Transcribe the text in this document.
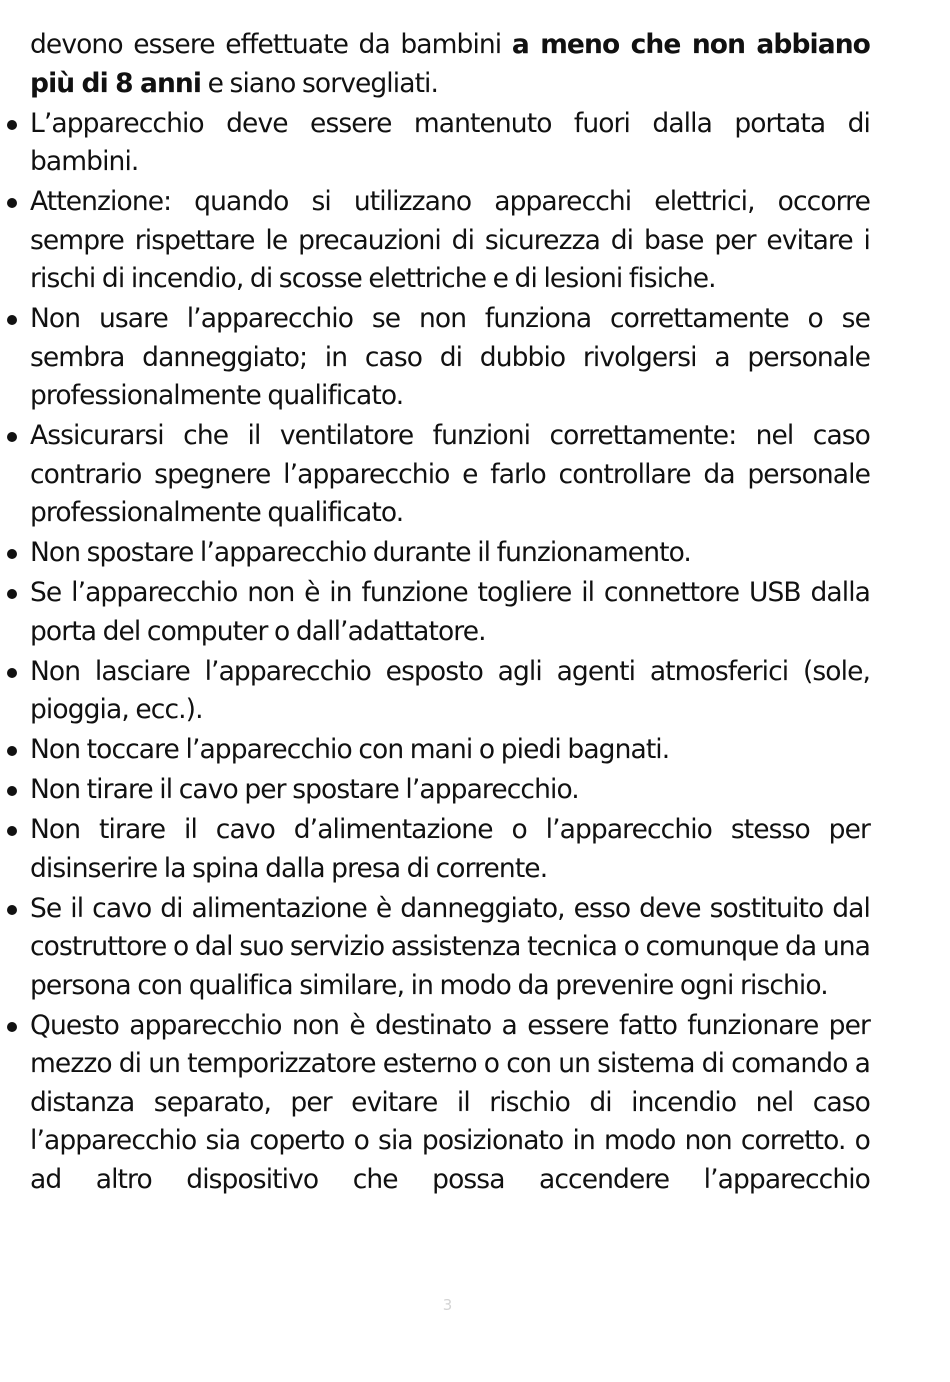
devono essere effettuate da bambini a meno che non abbiano più di 8 anni e siano sorvegliati.

L’apparecchio deve essere mantenuto fuori dalla portata di bambini.
Attenzione: quando si utilizzano apparecchi elettrici, occorre sempre rispettare le precauzioni di sicurezza di base per evitare i rischi di incendio, di scosse elettriche e di lesioni fisiche.
Non usare l’apparecchio se non funziona correttamente o se sembra danneggiato; in caso di dubbio rivolgersi a personale professionalmente qualificato.
Assicurarsi che il ventilatore funzioni correttamente: nel caso contrario spegnere l’apparecchio e farlo controllare da personale professionalmente qualificato.
Non spostare l’apparecchio durante il funzionamento.
Se l’apparecchio non è in funzione togliere il connettore USB dalla porta del computer o dall’adattatore.
Non lasciare l’apparecchio esposto agli agenti atmosferici (sole, pioggia, ecc.).
Non toccare l’apparecchio con mani o piedi bagnati.
Non tirare il cavo per spostare l’apparecchio.
Non tirare il cavo d’alimentazione o l’apparecchio stesso per disinserire la spina dalla presa di corrente.
Se il cavo di alimentazione è danneggiato, esso deve sostituito dal costruttore o dal suo servizio assistenza tecnica o comunque da una persona con qualifica similare, in modo da prevenire ogni rischio.
Questo apparecchio non è destinato a essere fatto funzionare per mezzo di un temporizzatore esterno o con un sistema di comando a distanza separato, per evitare il rischio di incendio nel caso l’apparecchio sia coperto o sia posizionato in modo non corretto. o ad altro dispositivo che possa accendere l’apparecchio
3
